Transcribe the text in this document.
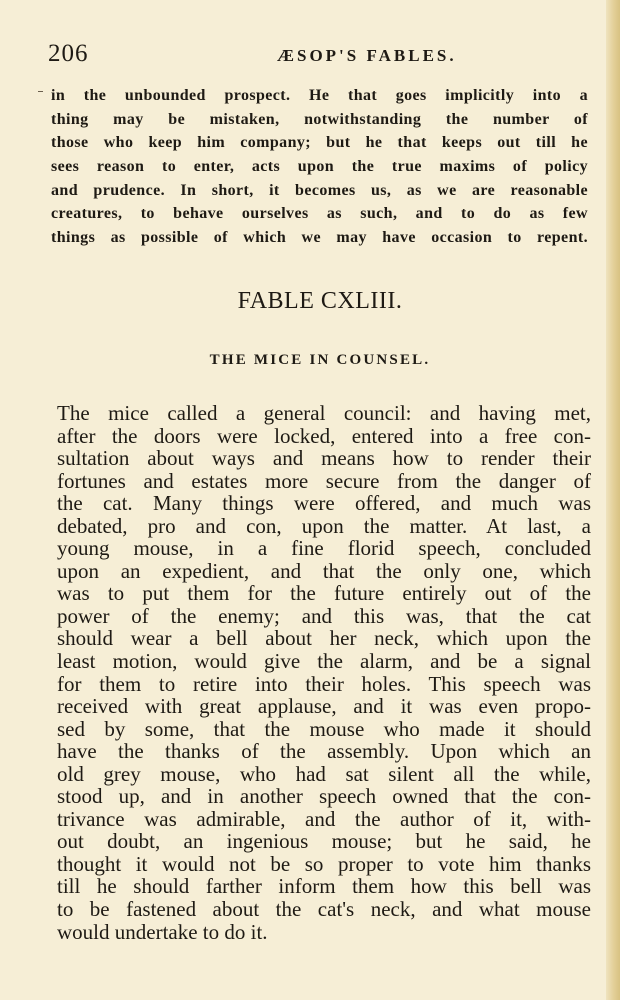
206	ÆSOP'S FABLES.
in the unbounded prospect. He that goes implicitly into a
thing may be mistaken, notwithstanding the number of
those who keep him company; but he that keeps out till he
sees reason to enter, acts upon the true maxims of policy
and prudence. In short, it becomes us, as we are reasonable
creatures, to behave ourselves as such, and to do as few
things as possible of which we may have occasion to repent.
FABLE CXLIII.
THE MICE IN COUNSEL.
The mice called a general council: and having met,
after the doors were locked, entered into a free con-
sultation about ways and means how to render their
fortunes and estates more secure from the danger of
the cat. Many things were offered, and much was
debated, pro and con, upon the matter. At last, a
young mouse, in a fine florid speech, concluded
upon an expedient, and that the only one, which
was to put them for the future entirely out of the
power of the enemy; and this was, that the cat
should wear a bell about her neck, which upon the
least motion, would give the alarm, and be a signal
for them to retire into their holes. This speech was
received with great applause, and it was even propo-
sed by some, that the mouse who made it should
have the thanks of the assembly. Upon which an
old grey mouse, who had sat silent all the while,
stood up, and in another speech owned that the con-
trivance was admirable, and the author of it, with-
out doubt, an ingenious mouse; but he said, he
thought it would not be so proper to vote him thanks
till he should farther inform them how this bell was
to be fastened about the cat's neck, and what mouse
would undertake to do it.
